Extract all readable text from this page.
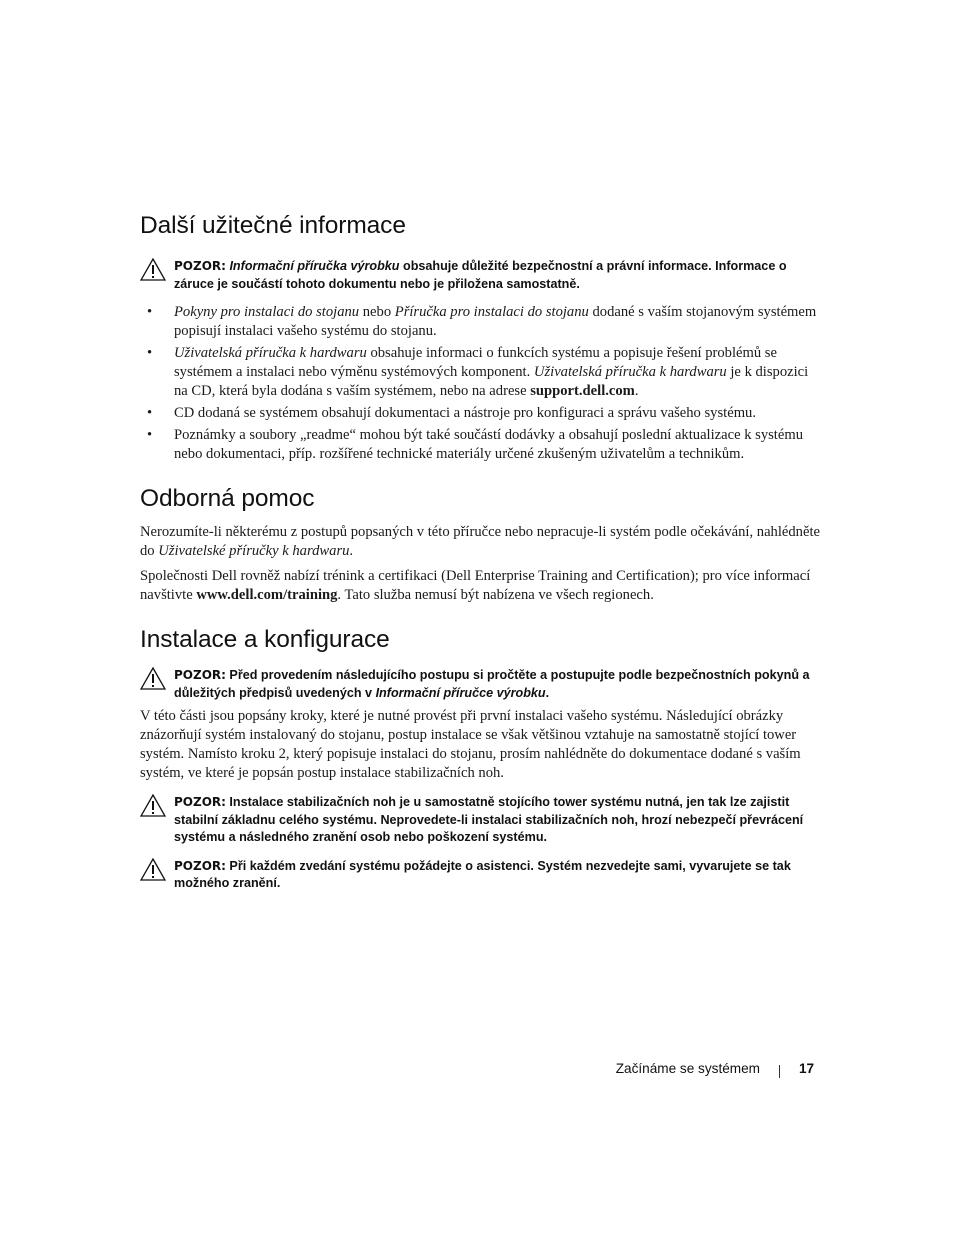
Další užitečné informace
POZOR: Informační příručka výrobku obsahuje důležité bezpečnostní a právní informace. Informace o záruce je součástí tohoto dokumentu nebo je přiložena samostatně.
• Pokyny pro instalaci do stojanu nebo Příručka pro instalaci do stojanu dodané s vaším stojanovým systémem popisují instalaci vašeho systému do stojanu.
• Uživatelská příručka k hardwaru obsahuje informaci o funkcích systému a popisuje řešení problémů se systémem a instalaci nebo výměnu systémových komponent. Uživatelská příručka k hardwaru je k dispozici na CD, která byla dodána s vaším systémem, nebo na adrese support.dell.com.
• CD dodaná se systémem obsahují dokumentaci a nástroje pro konfiguraci a správu vašeho systému.
• Poznámky a soubory „readme“ mohou být také součástí dodávky a obsahují poslední aktualizace k systému nebo dokumentaci, příp. rozšířené technické materiály určené zkušeným uživatelům a technikům.
Odborná pomoc

Nerozumíte-li některému z postupů popsaných v této příručce nebo nepracuje-li systém podle očekávání, nahlédněte do Uživatelské příručky k hardwaru.

Společnosti Dell rovněž nabízí trénink a certifikaci (Dell Enterprise Training and Certification); pro více informací navštivte www.dell.com/training. Tato služba nemusí být nabízena ve všech regionech.

Instalace a konfigurace
POZOR: Před provedením následujícího postupu si pročtěte a postupujte podle bezpečnostních pokynů a důležitých předpisů uvedených v Informační příručce výrobku.

V této části jsou popsány kroky, které je nutné provést při první instalaci vašeho systému. Následující obrázky znázorňují systém instalovaný do stojanu, postup instalace se však většinou vztahuje na samostatně stojící tower systém. Namísto kroku 2, který popisuje instalaci do stojanu, prosím nahlédněte do dokumentace dodané s vaším systém, ve které je popsán postup instalace stabilizačních noh.

POZOR: Instalace stabilizačních noh je u samostatně stojícího tower systému nutná, jen tak lze zajistit stabilní základnu celého systému. Neprovedete-li instalaci stabilizačních noh, hrozí nebezpečí převrácení systému a následného zranění osob nebo poškození systému.
POZOR: Při každém zvedání systému požádejte o asistenci. Systém nezvedejte sami, vyvarujete se tak možného zranění.
Začínáme se systémem	17
